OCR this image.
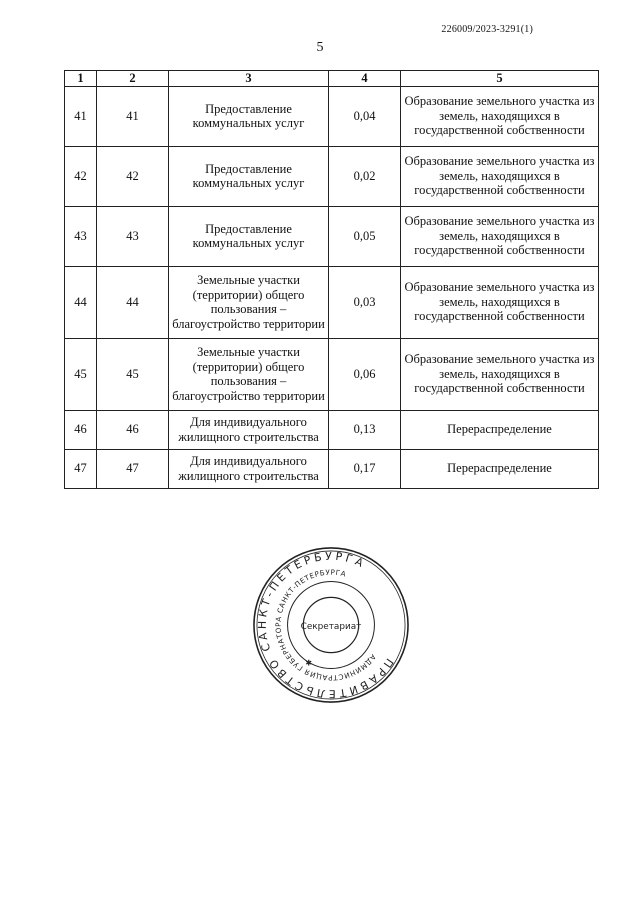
226009/2023-3291(1)
5
1	2	3	4	5
41	41	Предоставление коммунальных услуг	0,04	Образование земельного участка из земель, находящихся в государственной собственности
42	42	Предоставление коммунальных услуг	0,02	Образование земельного участка из земель, находящихся в государственной собственности
43	43	Предоставление коммунальных услуг	0,05	Образование земельного участка из земель, находящихся в государственной собственности
44	44	Земельные участки (территории) общего пользования – благоустройство территории	0,03	Образование земельного участка из земель, находящихся в государственной собственности
45	45	Земельные участки (территории) общего пользования – благоустройство территории	0,06	Образование земельного участка из земель, находящихся в государственной собственности
46	46	Для индивидуального жилищного строительства	0,13	Перераспределение
47	47	Для индивидуального жилищного строительства	0,17	Перераспределение
ПРАВИТЕЛЬСТВО САНКТ-ПЕТЕРБУРГА
АДМИНИСТРАЦИЯ ГУБЕРНАТОРА САНКТ-ПЕТЕРБУРГА
Секретариат
✱
